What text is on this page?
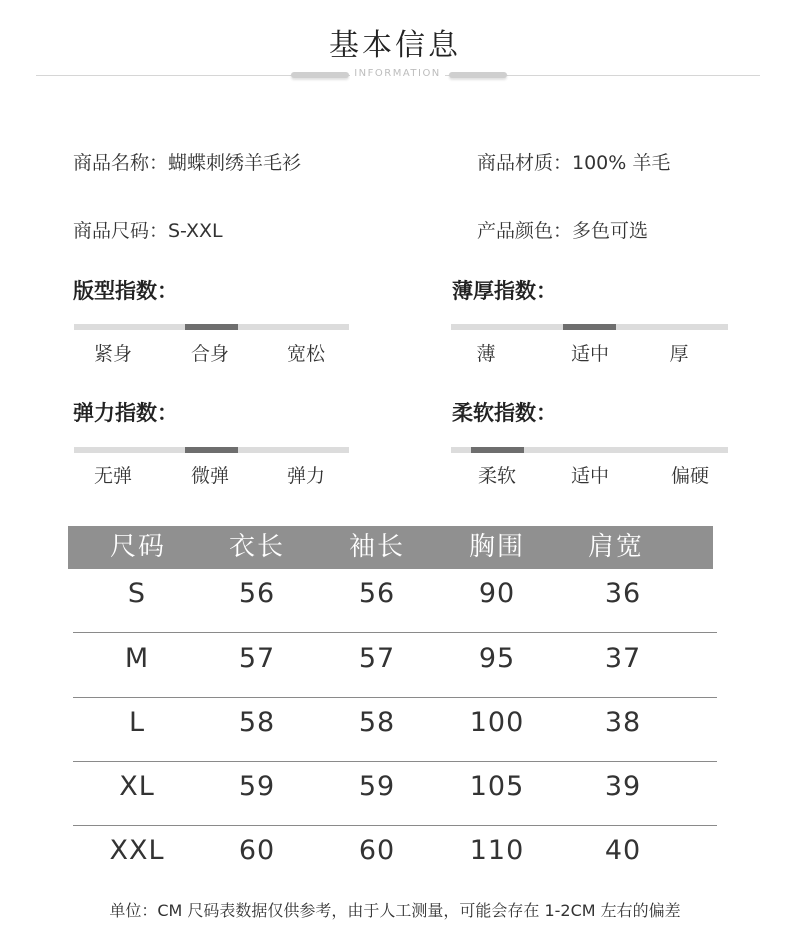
基本信息
INFORMATION
商品名称：蝴蝶刺绣羊毛衫	商品材质：100% 羊毛
商品尺码：S-XXL	产品颜色：多色可选
版型指数：
紧身	合身	宽松
薄厚指数：
薄	适中	厚
弹力指数：
无弹	微弹	弹力
柔软指数：
柔软	适中	偏硬
尺码	衣长	袖长	胸围	肩宽
S	56	56	90	36
M	57	57	95	37
L	58	58	100	38
XL	59	59	105	39
XXL	60	60	110	40
单位：CM 尺码表数据仅供参考，由于人工测量，可能会存在 1-2CM 左右的偏差
